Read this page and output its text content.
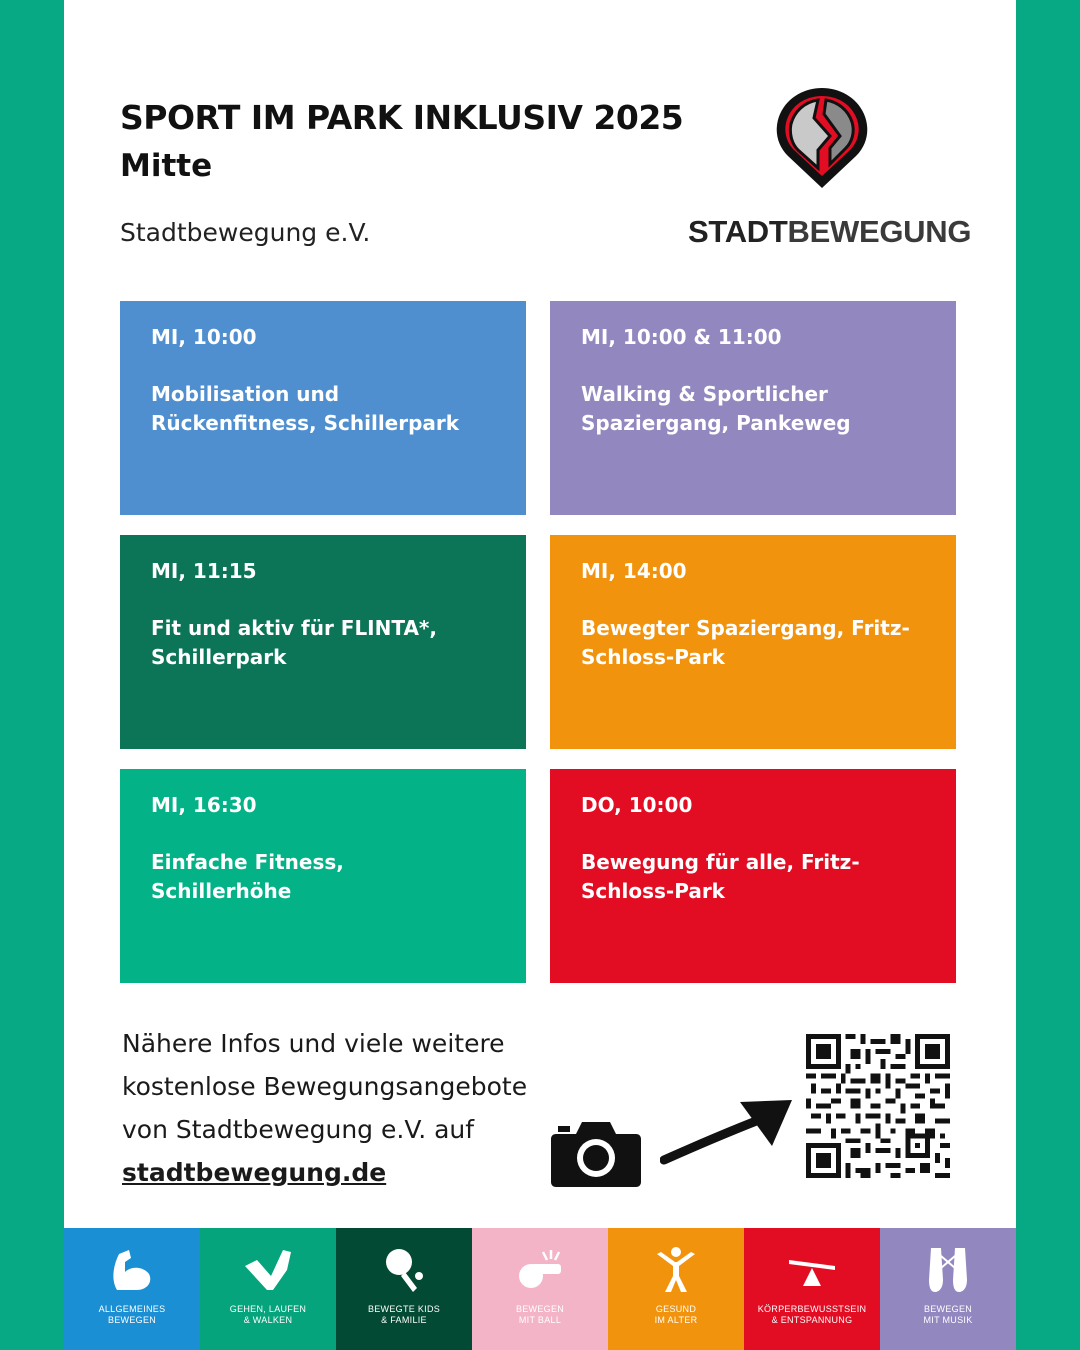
SPORT IM PARK INKLUSIV 2025
Mitte
Stadtbewegung e.V.	STADTBEWEGUNG
MI, 10:00
Mobilisation und Rückenfitness, Schillerpark
MI, 10:00 & 11:00
Walking & Sportlicher Spaziergang, Pankeweg
MI, 11:15
Fit und aktiv für FLINTA*, Schillerpark
MI, 14:00
Bewegter Spaziergang, Fritz-Schloss-Park
MI, 16:30
Einfache Fitness, Schillerhöhe
DO, 10:00
Bewegung für alle, Fritz-Schloss-Park
Nähere Infos und viele weitere
kostenlose Bewegungsangebote
von Stadtbewegung e.V. auf
stadtbewegung.de
ALLGEMEINES
BEWEGEN
GEHEN, LAUFEN
& WALKEN
BEWEGTE KIDS
& FAMILIE
BEWEGEN
MIT BALL
GESUND
IM ALTER
KÖRPERBEWUSSTSEIN
& ENTSPANNUNG
BEWEGEN
MIT MUSIK
